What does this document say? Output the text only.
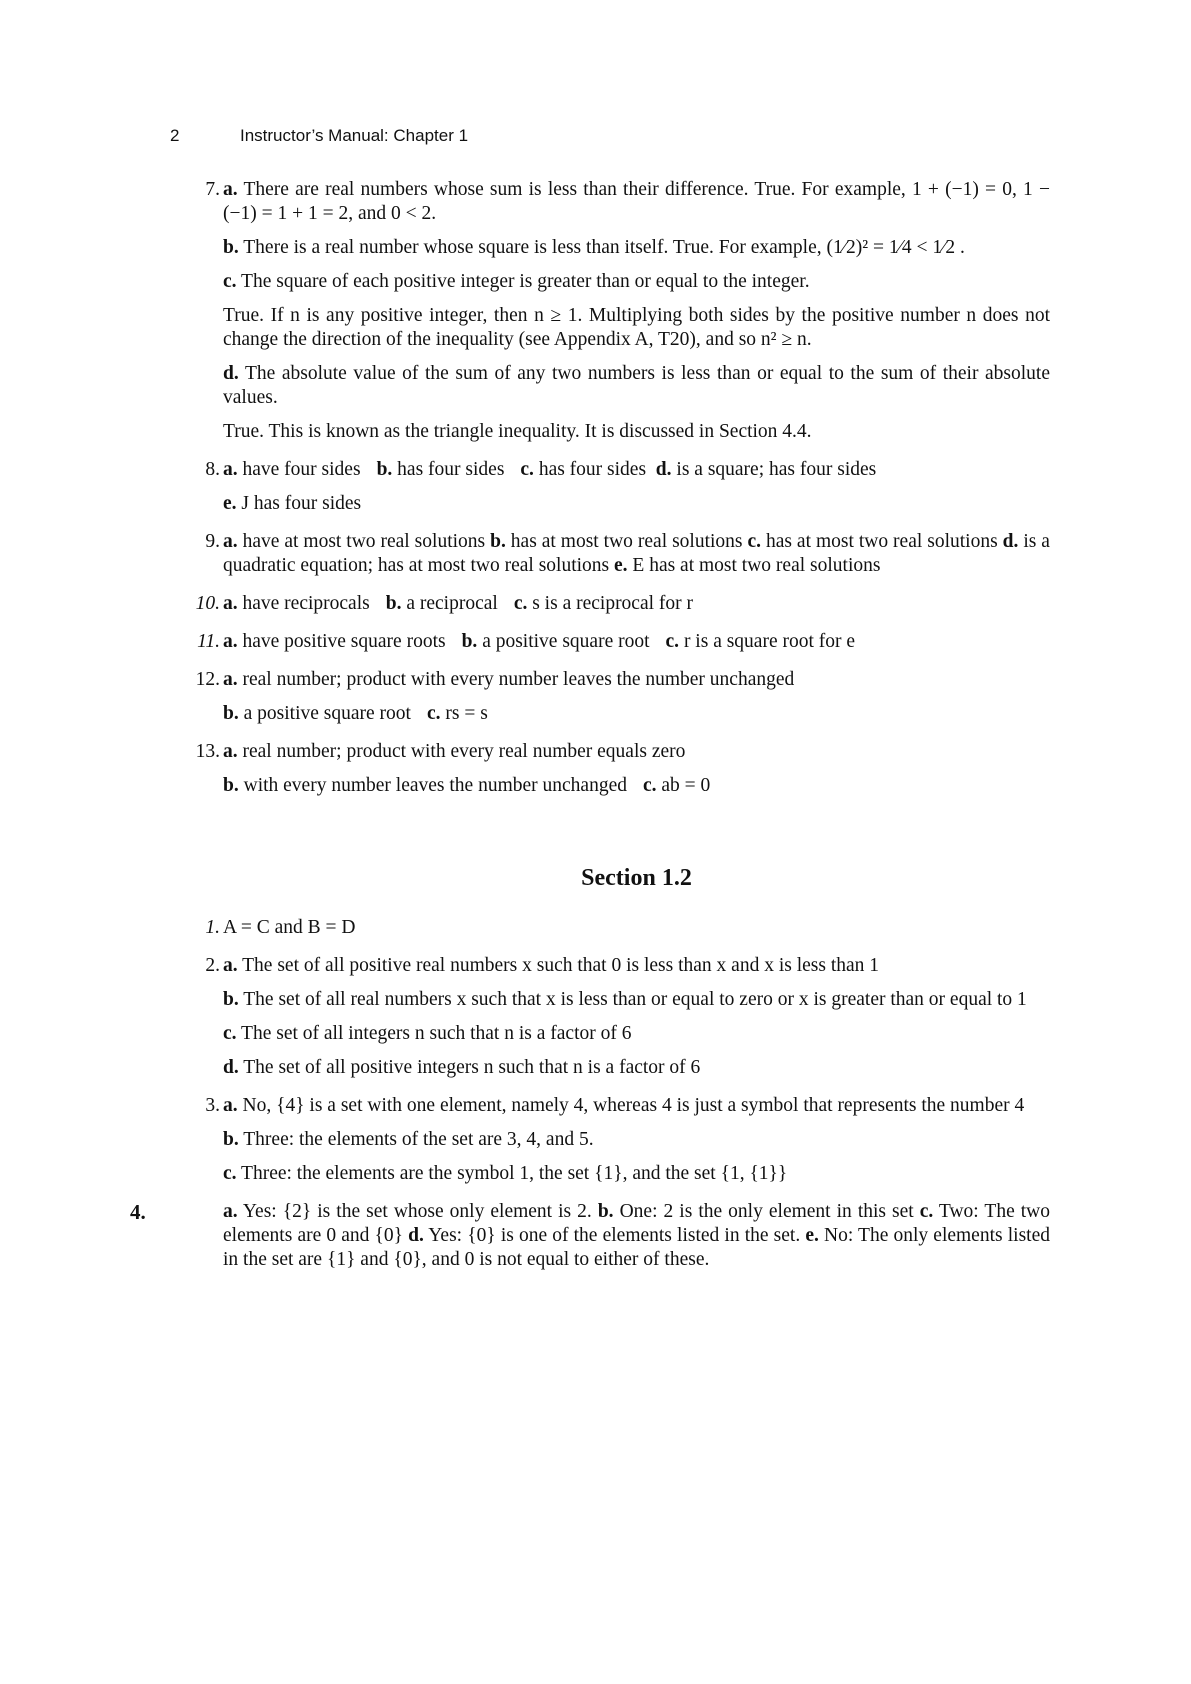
2	Instructor’s Manual: Chapter 1
7. a. There are real numbers whose sum is less than their difference. True. For example, 1 + (−1) = 0, 1 − (−1) = 1 + 1 = 2, and 0 < 2.

b. There is a real number whose square is less than itself. True. For example, (1⁄2)² = 1⁄4 < 1⁄2 .

c. The square of each positive integer is greater than or equal to the integer.

True. If n is any positive integer, then n ≥ 1. Multiplying both sides by the positive number n does not change the direction of the inequality (see Appendix A, T20), and so n² ≥ n.

d. The absolute value of the sum of any two numbers is less than or equal to the sum of their absolute values.

True. This is known as the triangle inequality. It is discussed in Section 4.4.

8. a. have four sides b. has four sides c. has four sides d. is a square; has four sides

e. J has four sides

9. a. have at most two real solutions b. has at most two real solutions c. has at most two real solutions d. is a quadratic equation; has at most two real solutions e. E has at most two real solutions

10. a. have reciprocals b. a reciprocal c. s is a reciprocal for r

11. a. have positive square roots b. a positive square root c. r is a square root for e

12. a. real number; product with every number leaves the number unchanged

b. a positive square root c. rs = s

13. a. real number; product with every real number equals zero

b. with every number leaves the number unchanged c. ab = 0

Section 1.2
1. A = C and B = D

2. a. The set of all positive real numbers x such that 0 is less than x and x is less than 1

b. The set of all real numbers x such that x is less than or equal to zero or x is greater than or equal to 1

c. The set of all integers n such that n is a factor of 6

d. The set of all positive integers n such that n is a factor of 6

3. a. No, {4} is a set with one element, namely 4, whereas 4 is just a symbol that represents the number 4

b. Three: the elements of the set are 3, 4, and 5.

c. Three: the elements are the symbol 1, the set {1}, and the set {1, {1}}

4.	a. Yes: {2} is the set whose only element is 2. b. One: 2 is the only element in this set c. Two: The two elements are 0 and {0} d. Yes: {0} is one of the elements listed in the set. e. No: The only elements listed in the set are {1} and {0}, and 0 is not equal to either of these.
